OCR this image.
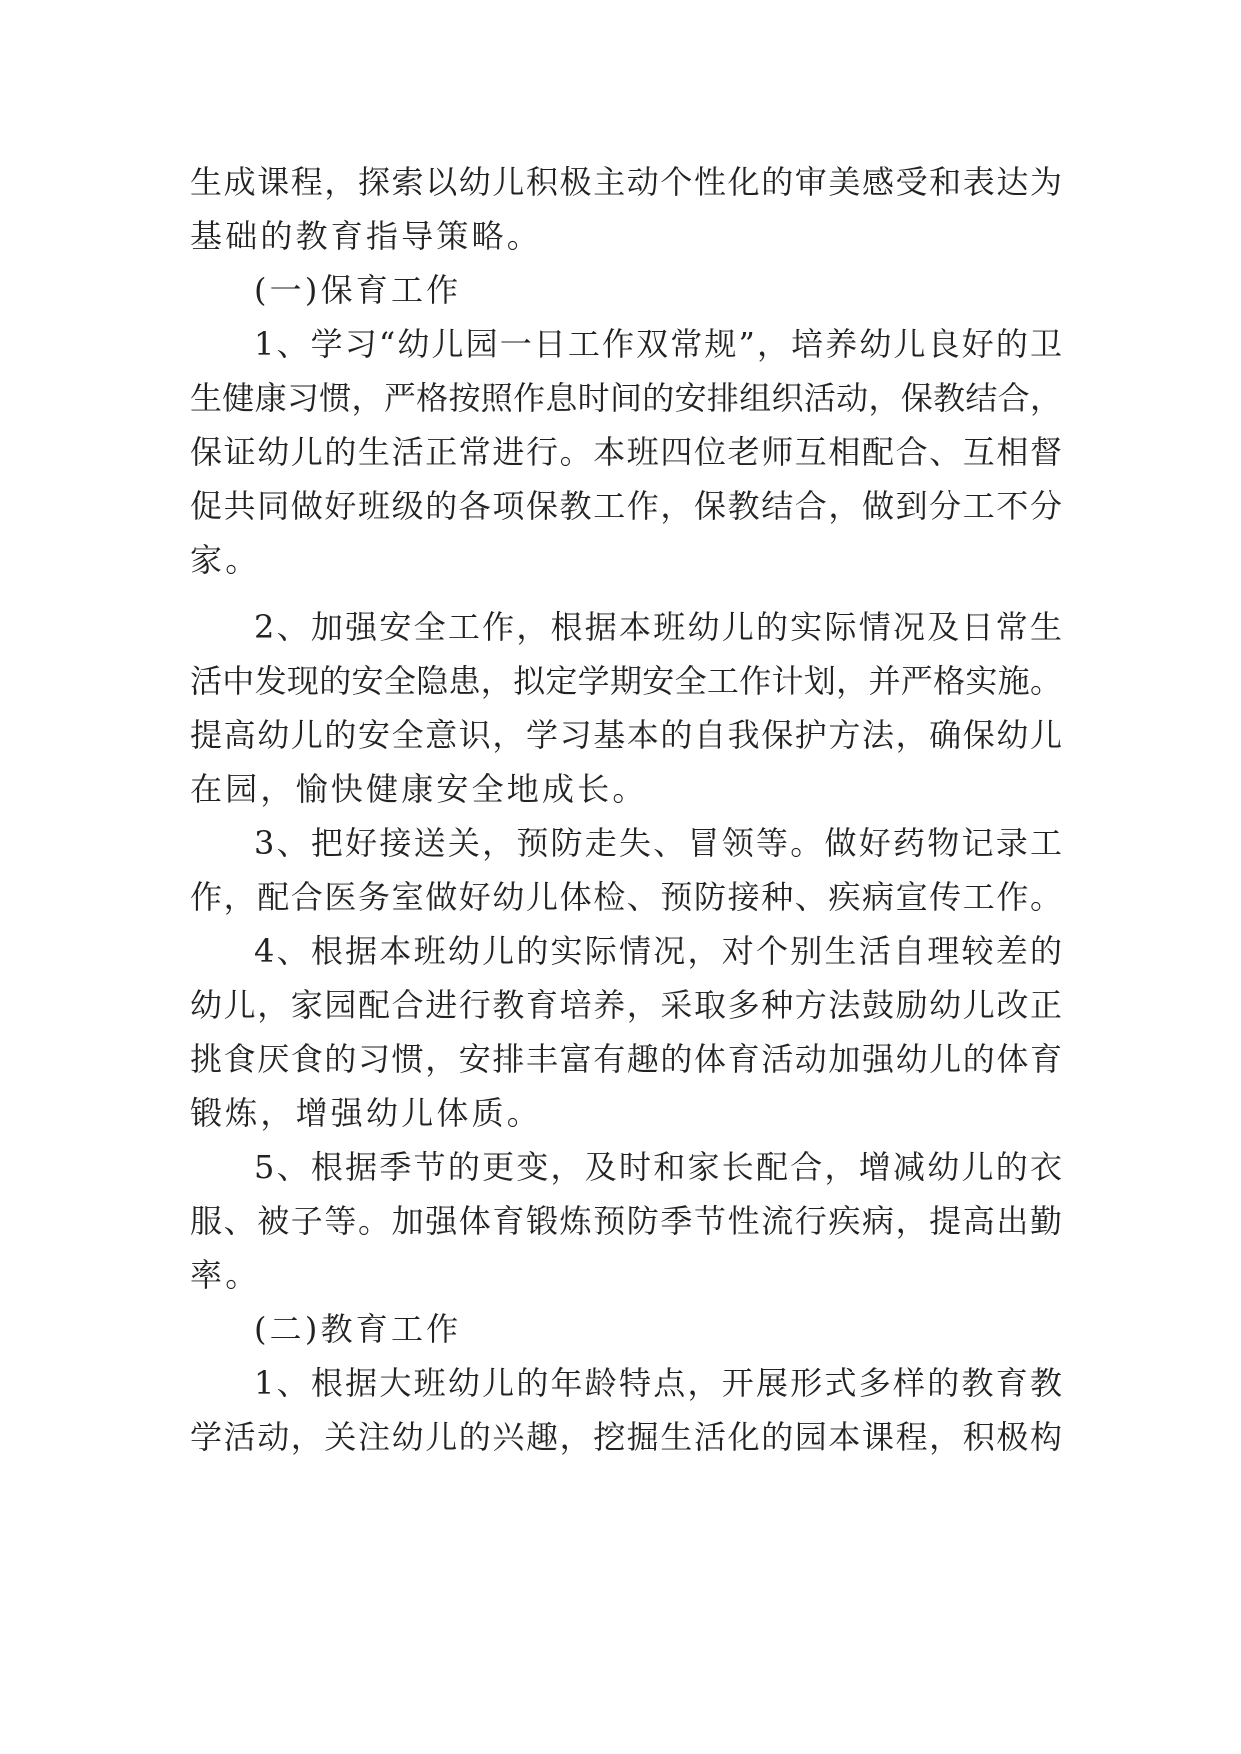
生成课程，探索以幼儿积极主动个性化的审美感受和表达为
基础的教育指导策略。
(一)保育工作
1、学习“幼儿园一日工作双常规”，培养幼儿良好的卫
生健康习惯，严格按照作息时间的安排组织活动，保教结合，
保证幼儿的生活正常进行。本班四位老师互相配合、互相督
促共同做好班级的各项保教工作，保教结合，做到分工不分
家。
2、加强安全工作，根据本班幼儿的实际情况及日常生
活中发现的安全隐患，拟定学期安全工作计划，并严格实施。
提高幼儿的安全意识，学习基本的自我保护方法，确保幼儿
在园，愉快健康安全地成长。
3、把好接送关，预防走失、冒领等。做好药物记录工
作，配合医务室做好幼儿体检、预防接种、疾病宣传工作。
4、根据本班幼儿的实际情况，对个别生活自理较差的
幼儿，家园配合进行教育培养，采取多种方法鼓励幼儿改正
挑食厌食的习惯，安排丰富有趣的体育活动加强幼儿的体育
锻炼，增强幼儿体质。
5、根据季节的更变，及时和家长配合，增减幼儿的衣
服、被子等。加强体育锻炼预防季节性流行疾病，提高出勤
率。
(二)教育工作
1、根据大班幼儿的年龄特点，开展形式多样的教育教
学活动，关注幼儿的兴趣，挖掘生活化的园本课程，积极构
